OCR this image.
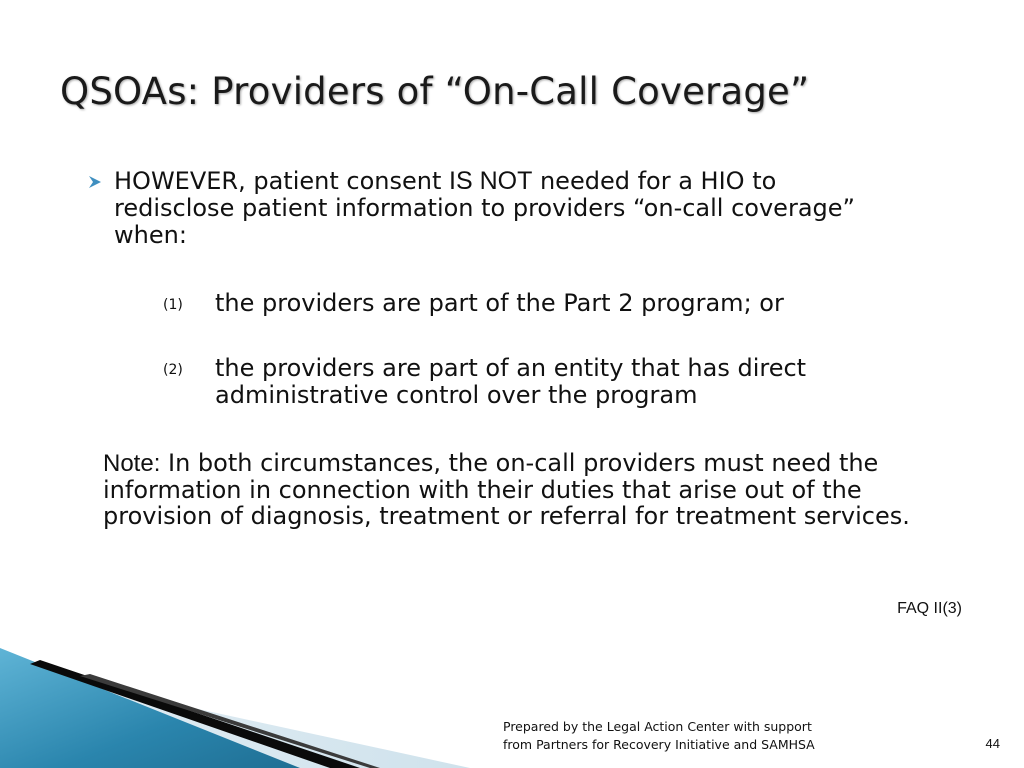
QSOAs: Providers of “On-Call Coverage”
HOWEVER, patient consent IS NOT needed for a HIO to redisclose patient information to providers “on-call coverage” when:
(1) the providers are part of the Part 2 program; or
(2) the providers are part of an entity that has direct administrative control over the program
Note: In both circumstances, the on-call providers must need the information in connection with their duties that arise out of the provision of diagnosis, treatment or referral for treatment services.
FAQ II(3)
Prepared by the Legal Action Center with support
from Partners for Recovery Initiative and SAMHSA	44
